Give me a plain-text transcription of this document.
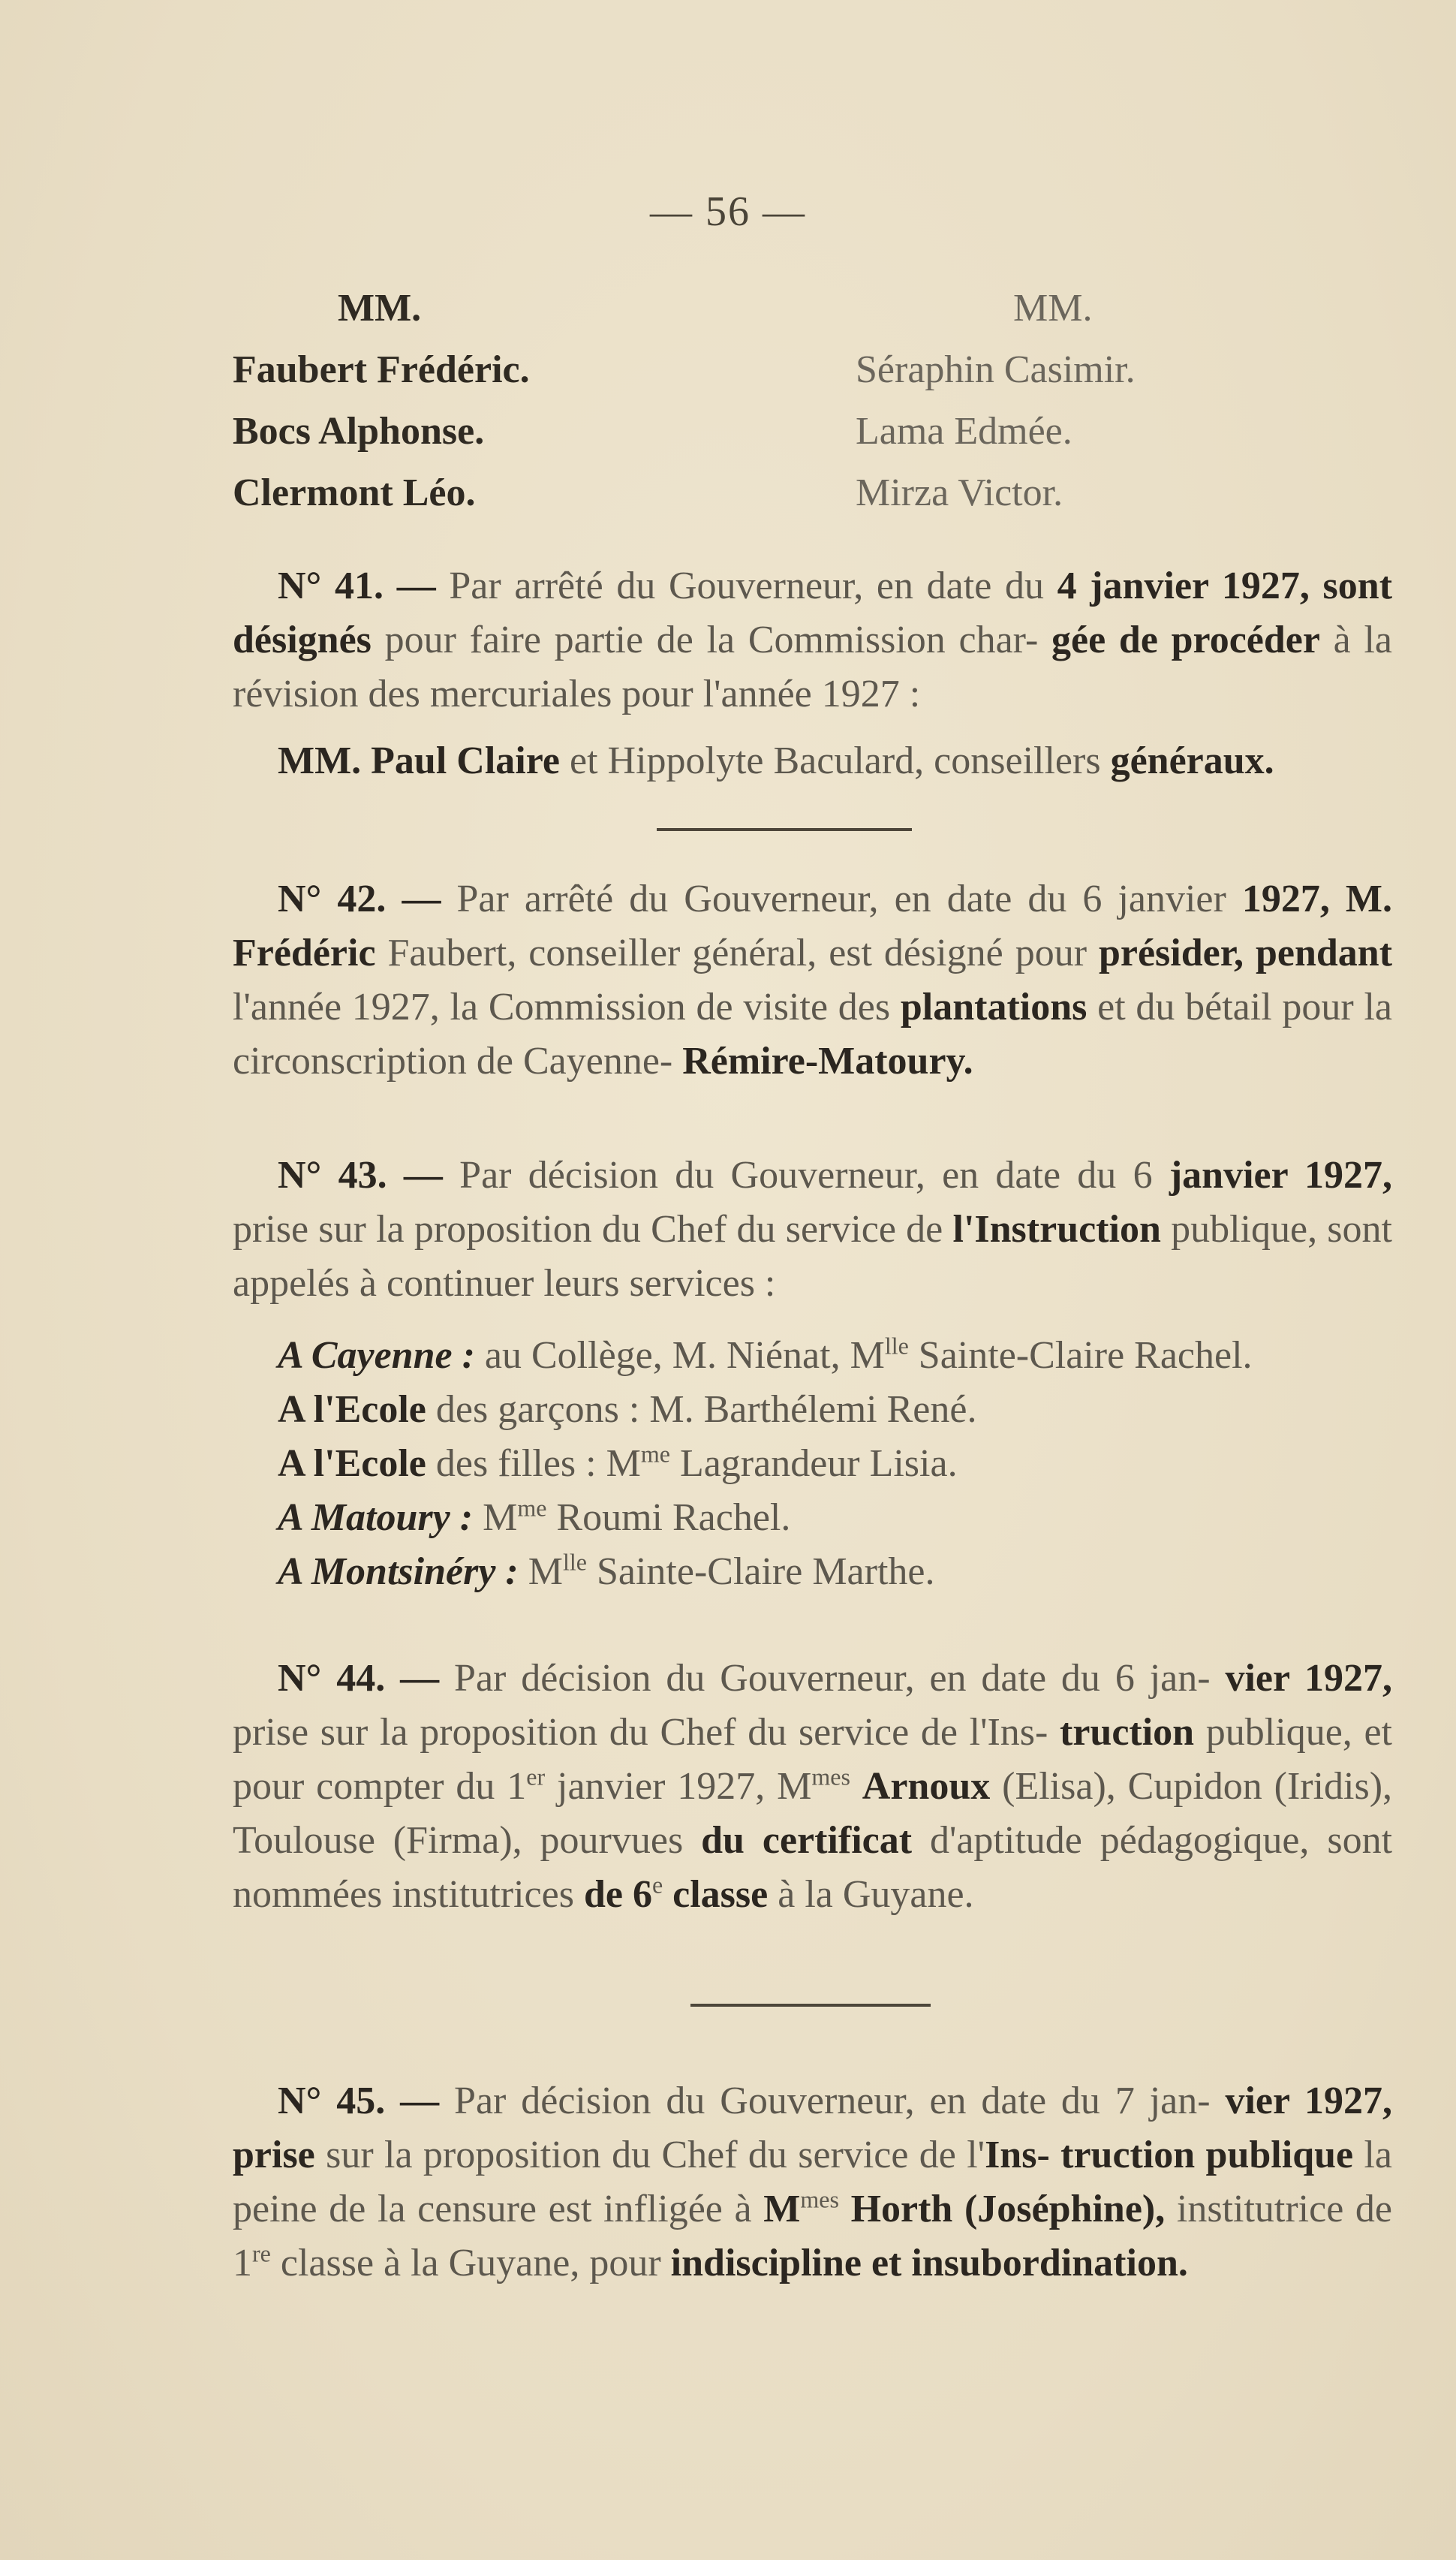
— 56 —
MM.
Faubert Frédéric.
Bocs Alphonse.
Clermont Léo.
MM.
Séraphin Casimir.
Lama Edmée.
Mirza Victor.
N° 41. — Par arrêté du Gouverneur, en date du 4 janvier 1927, sont désignés pour faire partie de la Commission char- gée de procéder à la révision des mercuriales pour l'année 1927 :
MM. Paul Claire et Hippolyte Baculard, conseillers généraux.
N° 42. — Par arrêté du Gouverneur, en date du 6 janvier 1927, M. Frédéric Faubert, conseiller général, est désigné pour présider, pendant l'année 1927, la Commission de visite des plantations et du bétail pour la circonscription de Cayenne- Rémire-Matoury.
N° 43. — Par décision du Gouverneur, en date du 6 janvier 1927, prise sur la proposition du Chef du service de l'Instruction publique, sont appelés à continuer leurs services :
A Cayenne : au Collège, M. Niénat, $M^{lle}$ Sainte-Claire Rachel.
A l'Ecole des garçons : M. Barthélemi René.
A l'Ecole des filles : $M^{me}$ Lagrandeur Lisia.
A Matoury : $M^{me}$ Roumi Rachel.
A Montsinéry : $M^{lle}$ Sainte-Claire Marthe.
N° 44. — Par décision du Gouverneur, en date du 6 jan- vier 1927, prise sur la proposition du Chef du service de l'Ins- truction publique, et pour compter du 1er janvier 1927, $M^{mes}$ Arnoux (Elisa), Cupidon (Iridis), Toulouse (Firma), pourvues du certificat d'aptitude pédagogique, sont nommées institutrices de 6e classe à la Guyane.
N° 45. — Par décision du Gouverneur, en date du 7 jan- vier 1927, prise sur la proposition du Chef du service de l'Ins- truction publique la peine de la censure est infligée à $M^{mes}$ Horth (Joséphine), institutrice de 1re classe à la Guyane, pour indiscipline et insubordination.
